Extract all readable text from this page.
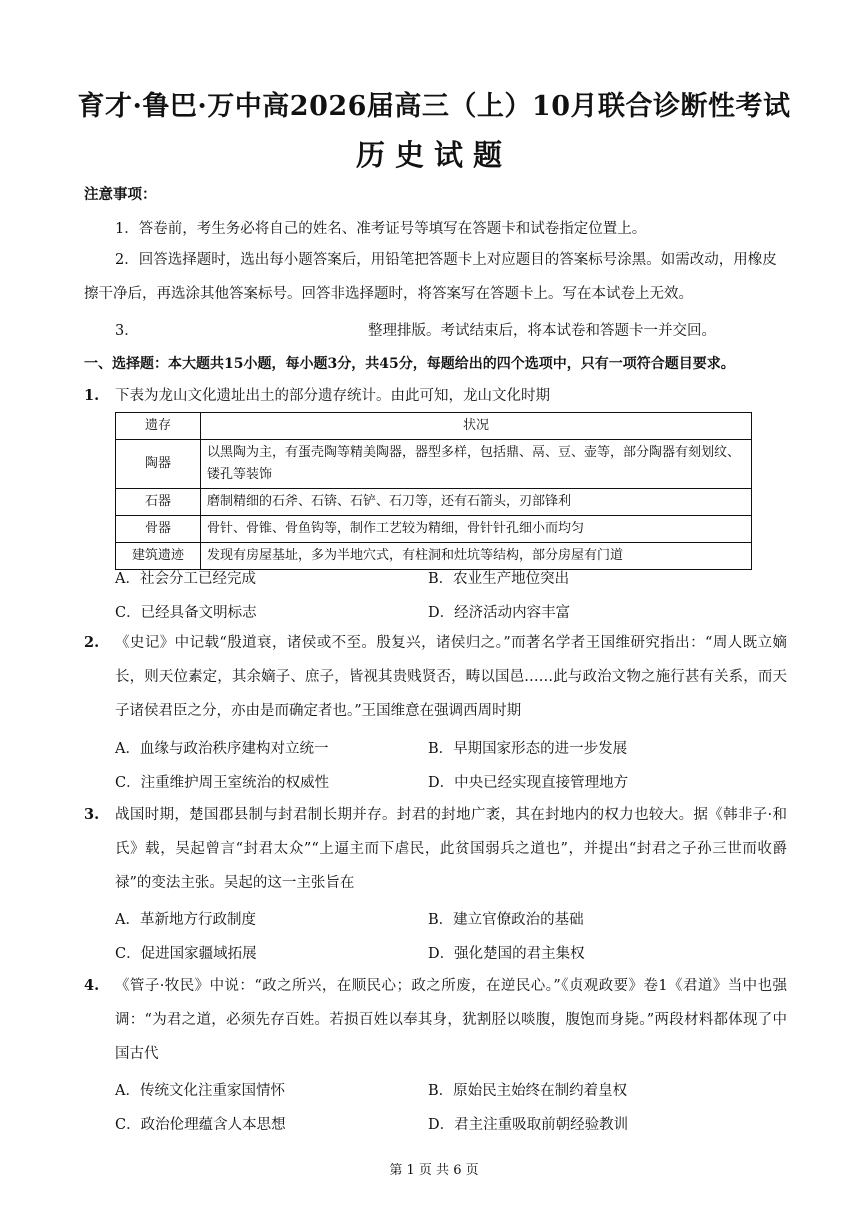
育才·鲁巴·万中高2026届高三（上）10月联合诊断性考试
历史试题
注意事项：
1．答卷前，考生务必将自己的姓名、准考证号等填写在答题卡和试卷指定位置上。
2．回答选择题时，选出每小题答案后，用铅笔把答题卡上对应题目的答案标号涂黑。如需改动，用橡皮擦干净后，再选涂其他答案标号。回答非选择题时，将答案写在答题卡上。写在本试卷上无效。
3．	整理排版。考试结束后，将本试卷和答题卡一并交回。
一、选择题：本大题共15小题，每小题3分，共45分，每题给出的四个选项中，只有一项符合题目要求。
1. 下表为龙山文化遗址出土的部分遗存统计。由此可知，龙山文化时期
遗存	状况
陶器	以黑陶为主，有蛋壳陶等精美陶器，器型多样，包括鼎、鬲、豆、壶等，部分陶器有刻划纹、镂孔等装饰
石器	磨制精细的石斧、石锛、石铲、石刀等，还有石箭头，刃部锋利
骨器	骨针、骨锥、骨鱼钩等，制作工艺较为精细，骨针针孔细小而均匀
建筑遗迹	发现有房屋基址，多为半地穴式，有柱洞和灶坑等结构，部分房屋有门道
A．社会分工已经完成	B．农业生产地位突出
C．已经具备文明标志	D．经济活动内容丰富
2. 《史记》中记载“殷道衰，诸侯或不至。殷复兴，诸侯归之。”而著名学者王国维研究指出：“周人既立嫡长，则天位素定，其余嫡子、庶子，皆视其贵贱贤否，畴以国邑……此与政治文物之施行甚有关系，而天子诸侯君臣之分，亦由是而确定者也。”王国维意在强调西周时期
A．血缘与政治秩序建构对立统一	B．早期国家形态的进一步发展
C．注重维护周王室统治的权威性	D．中央已经实现直接管理地方
3. 战国时期，楚国郡县制与封君制长期并存。封君的封地广袤，其在封地内的权力也较大。据《韩非子·和氏》载，吴起曾言“封君太众”“上逼主而下虐民，此贫国弱兵之道也”，并提出“封君之子孙三世而收爵禄”的变法主张。吴起的这一主张旨在
A．革新地方行政制度	B．建立官僚政治的基础
C．促进国家疆域拓展	D．强化楚国的君主集权
4. 《管子·牧民》中说：“政之所兴，在顺民心；政之所废，在逆民心。”《贞观政要》卷1《君道》当中也强调：“为君之道，必须先存百姓。若损百姓以奉其身，犹割胫以啖腹，腹饱而身毙。”两段材料都体现了中国古代
A．传统文化注重家国情怀	B．原始民主始终在制约着皇权
C．政治伦理蕴含人本思想	D．君主注重吸取前朝经验教训
第 1 页 共 6 页
